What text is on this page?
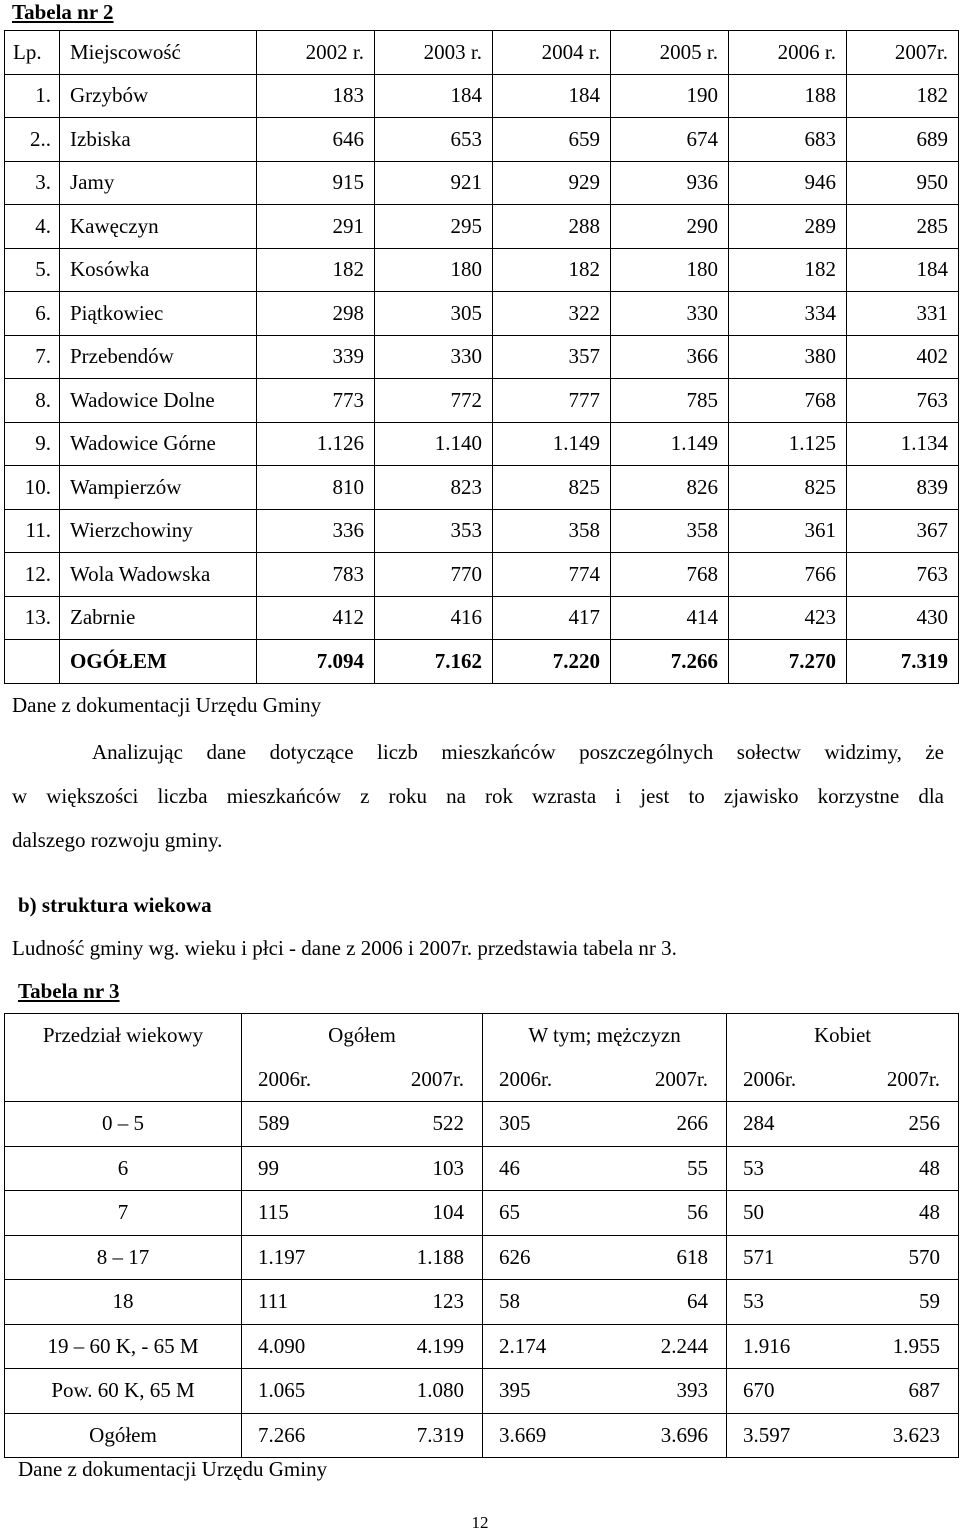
Tabela nr 2
Lp.	Miejscowość	2002 r.	2003 r.	2004 r.	2005 r.	2006 r.	2007r.
1.	Grzybów	183	184	184	190	188	182
2..	Izbiska	646	653	659	674	683	689
3.	Jamy	915	921	929	936	946	950
4.	Kawęczyn	291	295	288	290	289	285
5.	Kosówka	182	180	182	180	182	184
6.	Piątkowiec	298	305	322	330	334	331
7.	Przebendów	339	330	357	366	380	402
8.	Wadowice Dolne	773	772	777	785	768	763
9.	Wadowice Górne	1.126	1.140	1.149	1.149	1.125	1.134
10.	Wampierzów	810	823	825	826	825	839
11.	Wierzchowiny	336	353	358	358	361	367
12.	Wola Wadowska	783	770	774	768	766	763
13.	Zabrnie	412	416	417	414	423	430
	OGÓŁEM	7.094	7.162	7.220	7.266	7.270	7.319
Dane z dokumentacji Urzędu Gminy
Analizując dane dotyczące liczb mieszkańców poszczególnych sołectw widzimy, że
w większości liczba mieszkańców z roku na rok wzrasta i jest to zjawisko korzystne dla
dalszego rozwoju gminy.
b) struktura wiekowa
Ludność gminy wg. wieku i płci - dane z 2006 i 2007r. przedstawia tabela nr 3.
Tabela nr 3
Przedział wiekowy	Ogółem		W tym; mężczyzn		Kobiet	
	2006r.	2007r.	2006r.	2007r.	2006r.	2007r.
0 – 5	589	522	305	266	284	256
6	99	103	46	55	53	48
7	115	104	65	56	50	48
8 – 17	1.197	1.188	626	618	571	570
18	111	123	58	64	53	59
19 – 60 K, - 65 M	4.090	4.199	2.174	2.244	1.916	1.955
Pow. 60 K, 65 M	1.065	1.080	395	393	670	687
Ogółem	7.266	7.319	3.669	3.696	3.597	3.623
Dane z dokumentacji Urzędu Gminy
12
